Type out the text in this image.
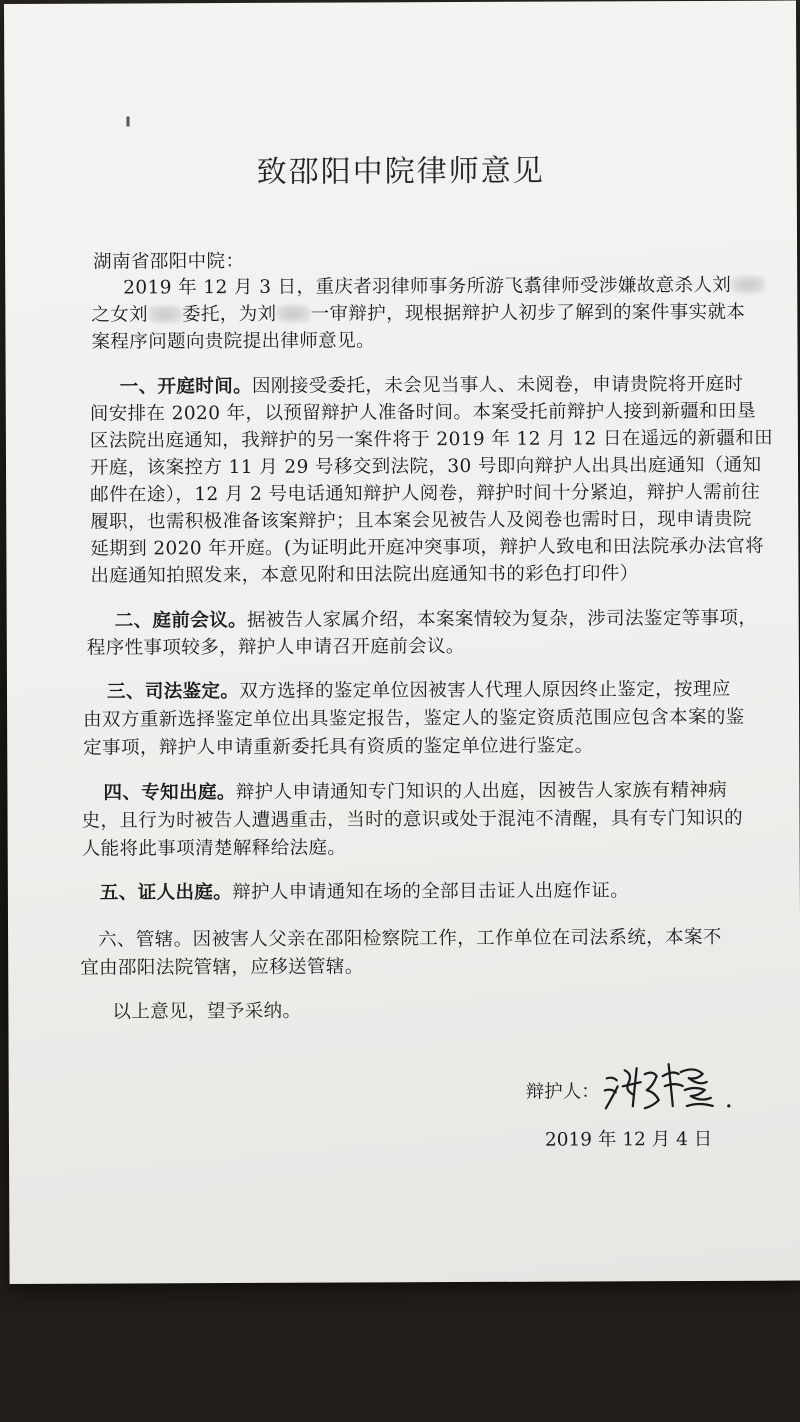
致邵阳中院律师意见
湖南省邵阳中院：
2019 年 12 月 3 日，重庆者羽律师事务所游飞翥律师受涉嫌故意杀人刘
之女刘 委托，为刘 一审辩护，现根据辩护人初步了解到的案件事实就本
案程序问题向贵院提出律师意见。
一、开庭时间。因刚接受委托，未会见当事人、未阅卷，申请贵院将开庭时
间安排在 2020 年，以预留辩护人准备时间。本案受托前辩护人接到新疆和田垦
区法院出庭通知，我辩护的另一案件将于 2019 年 12 月 12 日在遥远的新疆和田
开庭，该案控方 11 月 29 号移交到法院，30 号即向辩护人出具出庭通知（通知
邮件在途），12 月 2 号电话通知辩护人阅卷，辩护时间十分紧迫，辩护人需前往
履职，也需积极准备该案辩护；且本案会见被告人及阅卷也需时日，现申请贵院
延期到 2020 年开庭。(为证明此开庭冲突事项，辩护人致电和田法院承办法官将
出庭通知拍照发来，本意见附和田法院出庭通知书的彩色打印件）
二、庭前会议。据被告人家属介绍，本案案情较为复杂，涉司法鉴定等事项，
程序性事项较多，辩护人申请召开庭前会议。
三、司法鉴定。双方选择的鉴定单位因被害人代理人原因终止鉴定，按理应
由双方重新选择鉴定单位出具鉴定报告，鉴定人的鉴定资质范围应包含本案的鉴
定事项，辩护人申请重新委托具有资质的鉴定单位进行鉴定。
四、专知出庭。辩护人申请通知专门知识的人出庭，因被告人家族有精神病
史，且行为时被告人遭遇重击，当时的意识或处于混沌不清醒，具有专门知识的
人能将此事项清楚解释给法庭。
五、证人出庭。辩护人申请通知在场的全部目击证人出庭作证。
六、管辖。因被害人父亲在邵阳检察院工作，工作单位在司法系统，本案不
宜由邵阳法院管辖，应移送管辖。
以上意见，望予采纳。
辩护人：
2019 年 12 月 4 日
